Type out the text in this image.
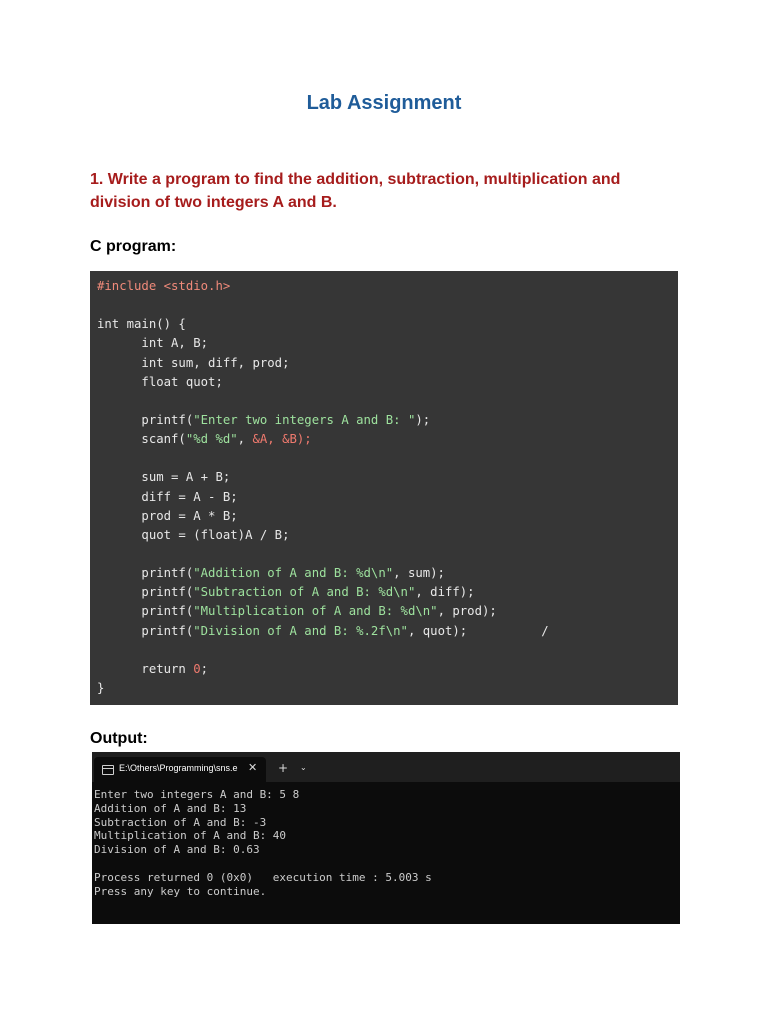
Lab Assignment
1. Write a program to find the addition, subtraction, multiplication and
division of two integers A and B.
C program:
#include <stdio.h>
int main() {
int A, B;
int sum, diff, prod;
float quot;
printf("Enter two integers A and B: ");
scanf("%d %d", &A, &B);
sum = A + B;
diff = A - B;
prod = A * B;
quot = (float)A / B;
printf("Addition of A and B: %d\n", sum);
printf("Subtraction of A and B: %d\n", diff);
printf("Multiplication of A and B: %d\n", prod);
printf("Division of A and B: %.2f\n", quot);          /
return 0;
}
Output:
E:\Others\Programming\sns.e ✕ + ⌄
Enter two integers A and B: 5 8
Addition of A and B: 13
Subtraction of A and B: -3
Multiplication of A and B: 40
Division of A and B: 0.63
Process returned 0 (0x0)   execution time : 5.003 s
Press any key to continue.
